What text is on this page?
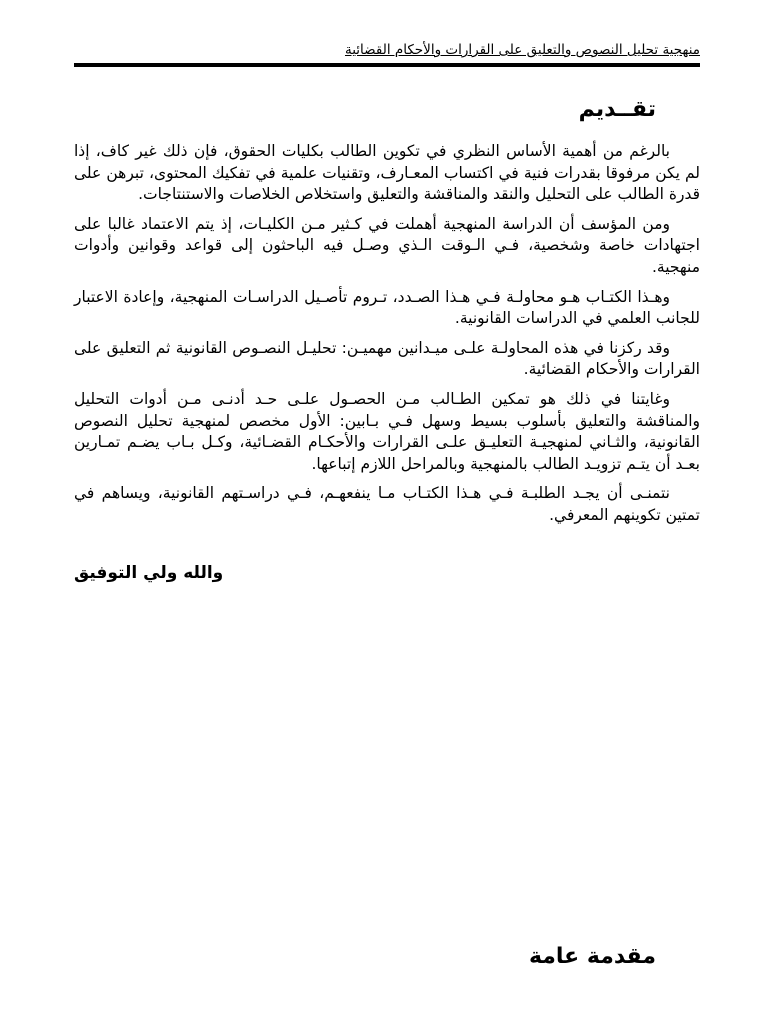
منهجية تحليل النصوص والتعليق على القرارات والأحكام القضائية
تقــديم

بالرغم من أهمية الأساس النظري في تكوين الطالب بكليات الحقوق، فإن ذلك غير كاف، إذا لم يكن مرفوقا بقدرات فنية في اكتساب المعـارف، وتقنيات علمية في تفكيك المحتوى، تبرهن على قدرة الطالب على التحليل والنقد والمناقشة والتعليق واستخلاص الخلاصات والاستنتاجات.

ومن المؤسف أن الدراسة المنهجية أهملت في كـثير مـن الكليـات، إذ يتم الاعتماد غالبا على اجتهادات خاصة وشخصية، فـي الـوقت الـذي وصـل فيه الباحثون إلى قواعد وقوانين وأدوات منهجية.

وهـذا الكتـاب هـو محاولـة فـي هـذا الصـدد، تـروم تأصـيل الدراسـات المنهجية، وإعادة الاعتبار للجانب العلمي في الدراسات القانونية.

وقد ركزنا في هذه المحاولـة علـى ميـدانين مهميـن: تحليـل النصـوص القانونية ثم التعليق على القرارات والأحكام القضائية.

وغايتنا في ذلك هو تمكين الطـالب مـن الحصـول علـى حـد أدنـى مـن أدوات التحليل والمناقشة والتعليق بأسلوب بسيط وسهل فـي بـابين: الأول مخصص لمنهجية تحليل النصوص القانونية، والثـاني لمنهجيـة التعليـق علـى القرارات والأحكـام القضـائية، وكـل بـاب يضـم تمـارين بعـد أن يتـم تزويـد الطالب بالمنهجية وبالمراحل اللازم إتباعها.

نتمنـى أن يجـد الطلبـة فـي هـذا الكتـاب مـا ينفعهـم، فـي دراسـتهم القانونية، ويساهم في تمتين تكوينهم المعرفي.

والله ولي التوفيق
مقدمة عامة
